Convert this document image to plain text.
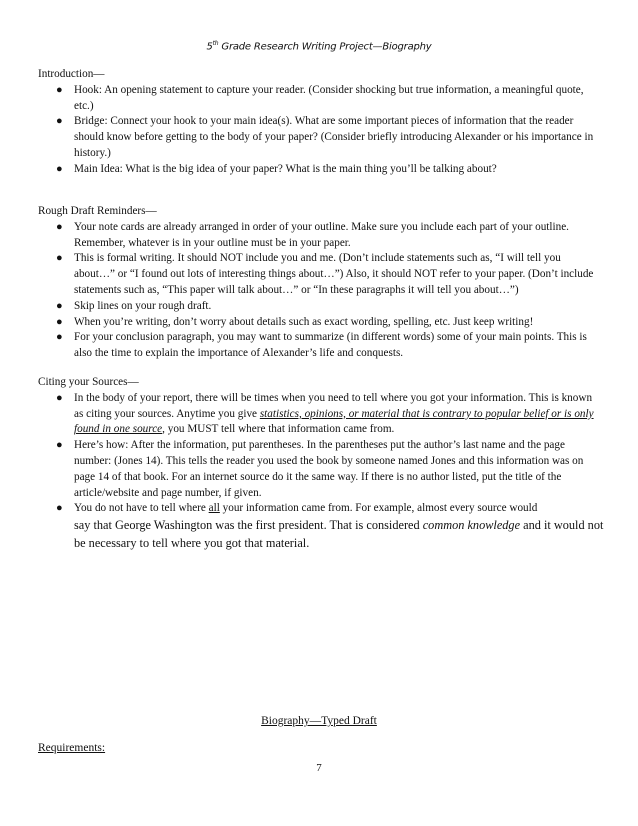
5th Grade Research Writing Project—Biography
Introduction—
● Hook: An opening statement to capture your reader. (Consider shocking but true information, a meaningful quote, etc.)
● Bridge: Connect your hook to your main idea(s). What are some important pieces of information that the reader should know before getting to the body of your paper? (Consider briefly introducing Alexander or his importance in history.)
● Main Idea: What is the big idea of your paper? What is the main thing you’ll be talking about?
Rough Draft Reminders—
● Your note cards are already arranged in order of your outline. Make sure you include each part of your outline. Remember, whatever is in your outline must be in your paper.
● This is formal writing. It should NOT include you and me. (Don’t include statements such as, “I will tell you about…” or “I found out lots of interesting things about…”) Also, it should NOT refer to your paper. (Don’t include statements such as, “This paper will talk about…” or “In these paragraphs it will tell you about…”)
● Skip lines on your rough draft.
● When you’re writing, don’t worry about details such as exact wording, spelling, etc. Just keep writing!
● For your conclusion paragraph, you may want to summarize (in different words) some of your main points. This is also the time to explain the importance of Alexander’s life and conquests.
Citing your Sources—
● In the body of your report, there will be times when you need to tell where you got your information. This is known as citing your sources. Anytime you give statistics, opinions, or material that is contrary to popular belief or is only found in one source, you MUST tell where that information came from.
● Here’s how: After the information, put parentheses. In the parentheses put the author’s last name and the page number: (Jones 14). This tells the reader you used the book by someone named Jones and this information was on page 14 of that book. For an internet source do it the same way. If there is no author listed, put the title of the article/website and page number, if given.
● You do not have to tell where all your information came from. For example, almost every source would
say that George Washington was the first president. That is considered common knowledge and it would not be necessary to tell where you got that material.
Biography—Typed Draft
Requirements:
7
